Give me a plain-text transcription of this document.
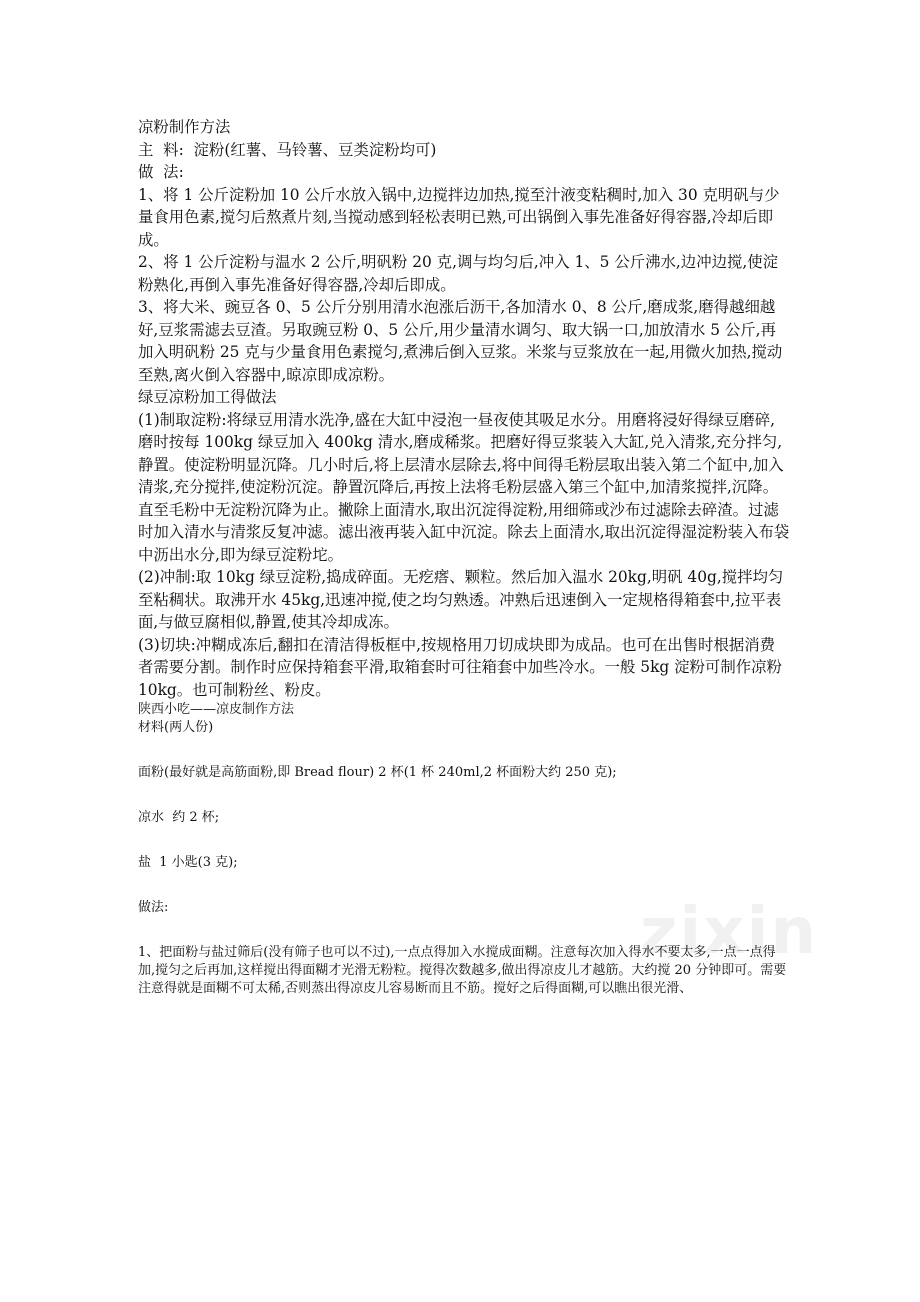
凉粉制作方法

主  料:  淀粉(红薯、马铃薯、豆类淀粉均可)

做  法:

1、将 1 公斤淀粉加 10 公斤水放入锅中,边搅拌边加热,搅至汁液变粘稠时,加入 30 克明矾与少量食用色素,搅匀后熬煮片刻,当搅动感到轻松表明已熟,可出锅倒入事先准备好得容器,冷却后即成。

2、将 1 公斤淀粉与温水 2 公斤,明矾粉 20 克,调与均匀后,冲入 1、5 公斤沸水,边冲边搅,使淀粉熟化,再倒入事先准备好得容器,冷却后即成。

3、将大米、豌豆各 0、5 公斤分别用清水泡涨后沥干,各加清水 0、8 公斤,磨成浆,磨得越细越好,豆浆需滤去豆渣。另取豌豆粉 0、5 公斤,用少量清水调匀、取大锅一口,加放清水 5 公斤,再加入明矾粉 25 克与少量食用色素搅匀,煮沸后倒入豆浆。米浆与豆浆放在一起,用微火加热,搅动至熟,离火倒入容器中,晾凉即成凉粉。

绿豆凉粉加工得做法

(1)制取淀粉:将绿豆用清水洗净,盛在大缸中浸泡一昼夜使其吸足水分。用磨将浸好得绿豆磨碎,磨时按每 100kg 绿豆加入 400kg 清水,磨成稀浆。把磨好得豆浆装入大缸,兑入清浆,充分拌匀,静置。使淀粉明显沉降。几小时后,将上层清水层除去,将中间得毛粉层取出装入第二个缸中,加入清浆,充分搅拌,使淀粉沉淀。静置沉降后,再按上法将毛粉层盛入第三个缸中,加清浆搅拌,沉降。直至毛粉中无淀粉沉降为止。撇除上面清水,取出沉淀得淀粉,用细筛或沙布过滤除去碎渣。过滤时加入清水与清浆反复冲滤。滤出液再装入缸中沉淀。除去上面清水,取出沉淀得湿淀粉装入布袋中沥出水分,即为绿豆淀粉坨。

(2)冲制:取 10kg 绿豆淀粉,捣成碎面。无疙瘩、颗粒。然后加入温水 20kg,明矾 40g,搅拌均匀至粘稠状。取沸开水 45kg,迅速冲搅,使之均匀熟透。冲熟后迅速倒入一定规格得箱套中,拉平表面,与做豆腐相似,静置,使其冷却成冻。

(3)切块:冲糊成冻后,翻扣在清洁得板框中,按规格用刀切成块即为成品。也可在出售时根据消费者需要分割。制作时应保持箱套平滑,取箱套时可往箱套中加些冷水。一般 5kg 淀粉可制作凉粉 10kg。也可制粉丝、粉皮。

陕西小吃——凉皮制作方法

材料(两人份)

面粉(最好就是高筋面粉,即 Bread flour) 2 杯(1 杯 240ml,2 杯面粉大约 250 克);

凉水  约 2 杯;

盐  1 小匙(3 克);

做法:

1、把面粉与盐过筛后(没有筛子也可以不过),一点点得加入水搅成面糊。注意每次加入得水不要太多,一点一点得加,搅匀之后再加,这样搅出得面糊才光滑无粉粒。搅得次数越多,做出得凉皮儿才越筋。大约搅 20 分钟即可。需要注意得就是面糊不可太稀,否则蒸出得凉皮儿容易断而且不筋。搅好之后得面糊,可以瞧出很光滑、

zixin
